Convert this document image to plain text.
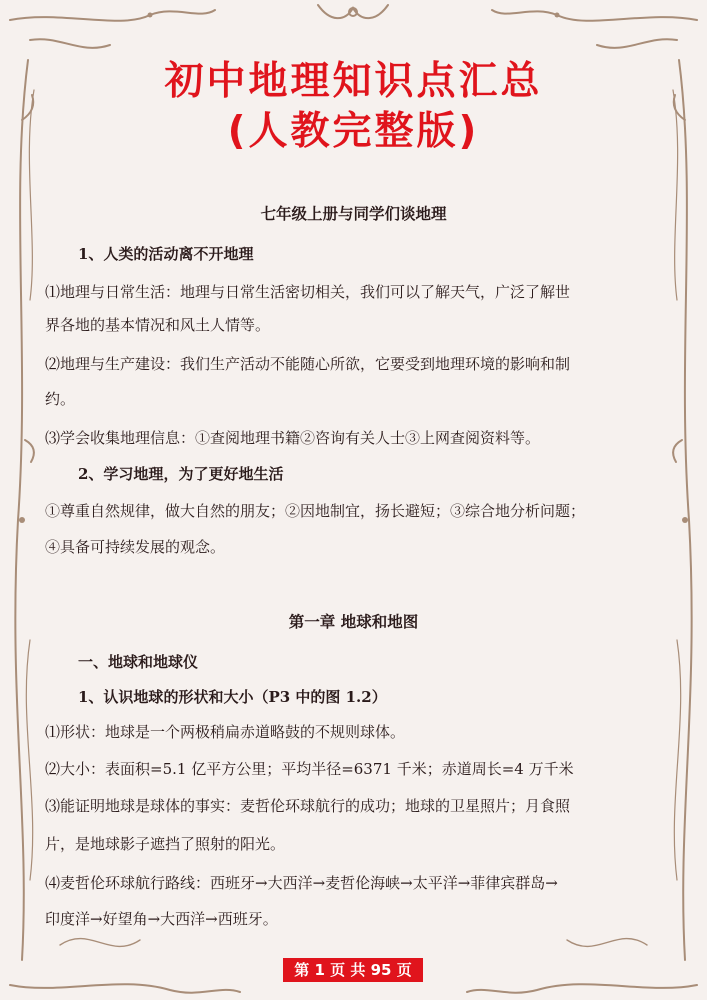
初中地理知识点汇总
(人教完整版)
七年级上册与同学们谈地理
1、人类的活动离不开地理
⑴地理与日常生活：地理与日常生活密切相关，我们可以了解天气，广泛了解世
界各地的基本情况和风土人情等。
⑵地理与生产建设：我们生产活动不能随心所欲，它要受到地理环境的影响和制
约。
⑶学会收集地理信息：①查阅地理书籍②咨询有关人士③上网查阅资料等。
2、学习地理，为了更好地生活
①尊重自然规律，做大自然的朋友；②因地制宜，扬长避短；③综合地分析问题；
④具备可持续发展的观念。
第一章 地球和地图
一、地球和地球仪
1、认识地球的形状和大小（P3 中的图 1.2）
⑴形状：地球是一个两极稍扁赤道略鼓的不规则球体。
⑵大小：表面积=5.1 亿平方公里；平均半径=6371 千米；赤道周长=4 万千米
⑶能证明地球是球体的事实：麦哲伦环球航行的成功；地球的卫星照片；月食照
片，是地球影子遮挡了照射的阳光。
⑷麦哲伦环球航行路线：西班牙→大西洋→麦哲伦海峡→太平洋→菲律宾群岛→
印度洋→好望角→大西洋→西班牙。
第 1 页 共 95 页
